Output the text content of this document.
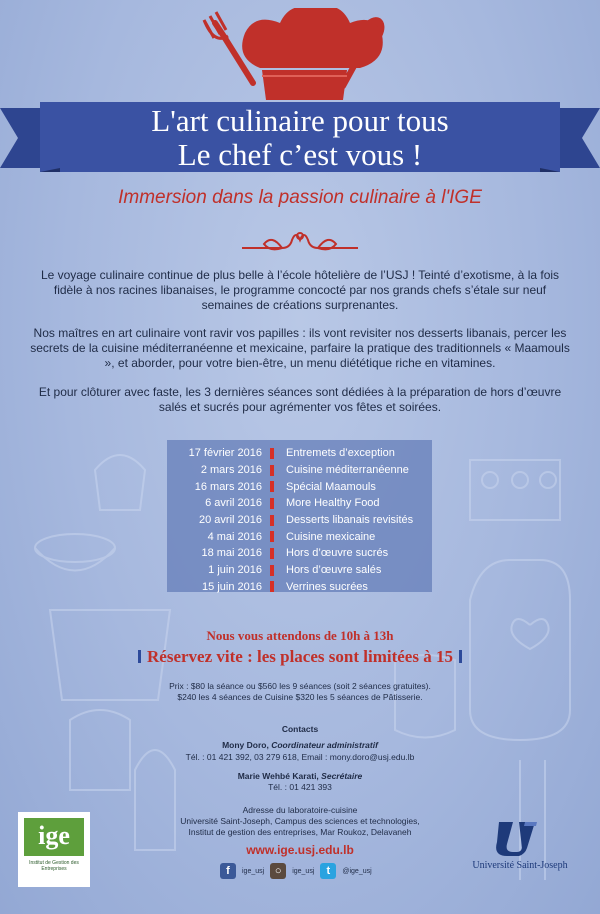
L'art culinaire pour tous
Le chef c’est vous !
Immersion dans la passion culinaire à l'IGE
Le voyage culinaire continue de plus belle à l’école hôtelière de l’USJ ! Teinté d’exotisme, à la fois fidèle à nos racines libanaises, le programme concocté par nos grands chefs s’étale sur neuf semaines de créations surprenantes.
Nos maîtres en art culinaire vont ravir vos papilles : ils vont revisiter nos desserts libanais, percer les secrets de la cuisine méditerranéenne et mexicaine, parfaire la pratique des traditionnels « Maamouls », et aborder, pour votre bien-être, un menu diététique riche en vitamines.
Et pour clôturer avec faste, les 3 dernières séances sont dédiées à la préparation de hors d’œuvre salés et sucrés pour agrémenter vos fêtes et soirées.
17 février 2016	Entremets d’exception
2 mars 2016	Cuisine méditerranéenne
16 mars 2016	Spécial Maamouls
6 avril 2016	More Healthy Food
20 avril 2016	Desserts libanais revisités
4 mai 2016	Cuisine mexicaine
18 mai 2016	Hors d’œuvre sucrés
1 juin 2016	Hors d’œuvre salés
15 juin 2016	Verrines sucrées
Nous vous attendons de 10h à 13h
Réservez vite : les places sont limitées à 15
Prix : $80 la séance ou $560 les 9 séances (soit 2 séances gratuites).
$240 les 4 séances de Cuisine $320 les 5 séances de Pâtisserie.
Contacts
Mony Doro, Coordinateur administratif
Tél. : 01 421 392, 03 279 618, Email : mony.doro@usj.edu.lb
Marie Wehbé Karati, Secrétaire
Tél. : 01 421 393
Adresse du laboratoire-cuisine
Université Saint-Joseph, Campus des sciences et technologies,
Institut de gestion des entreprises, Mar Roukoz, Delavaneh
www.ige.usj.edu.lb
f	ige_usj ○	ige_usj	t	@ige_usj
ige
Institut de Gestion des Entreprises	Université Saint-Joseph
